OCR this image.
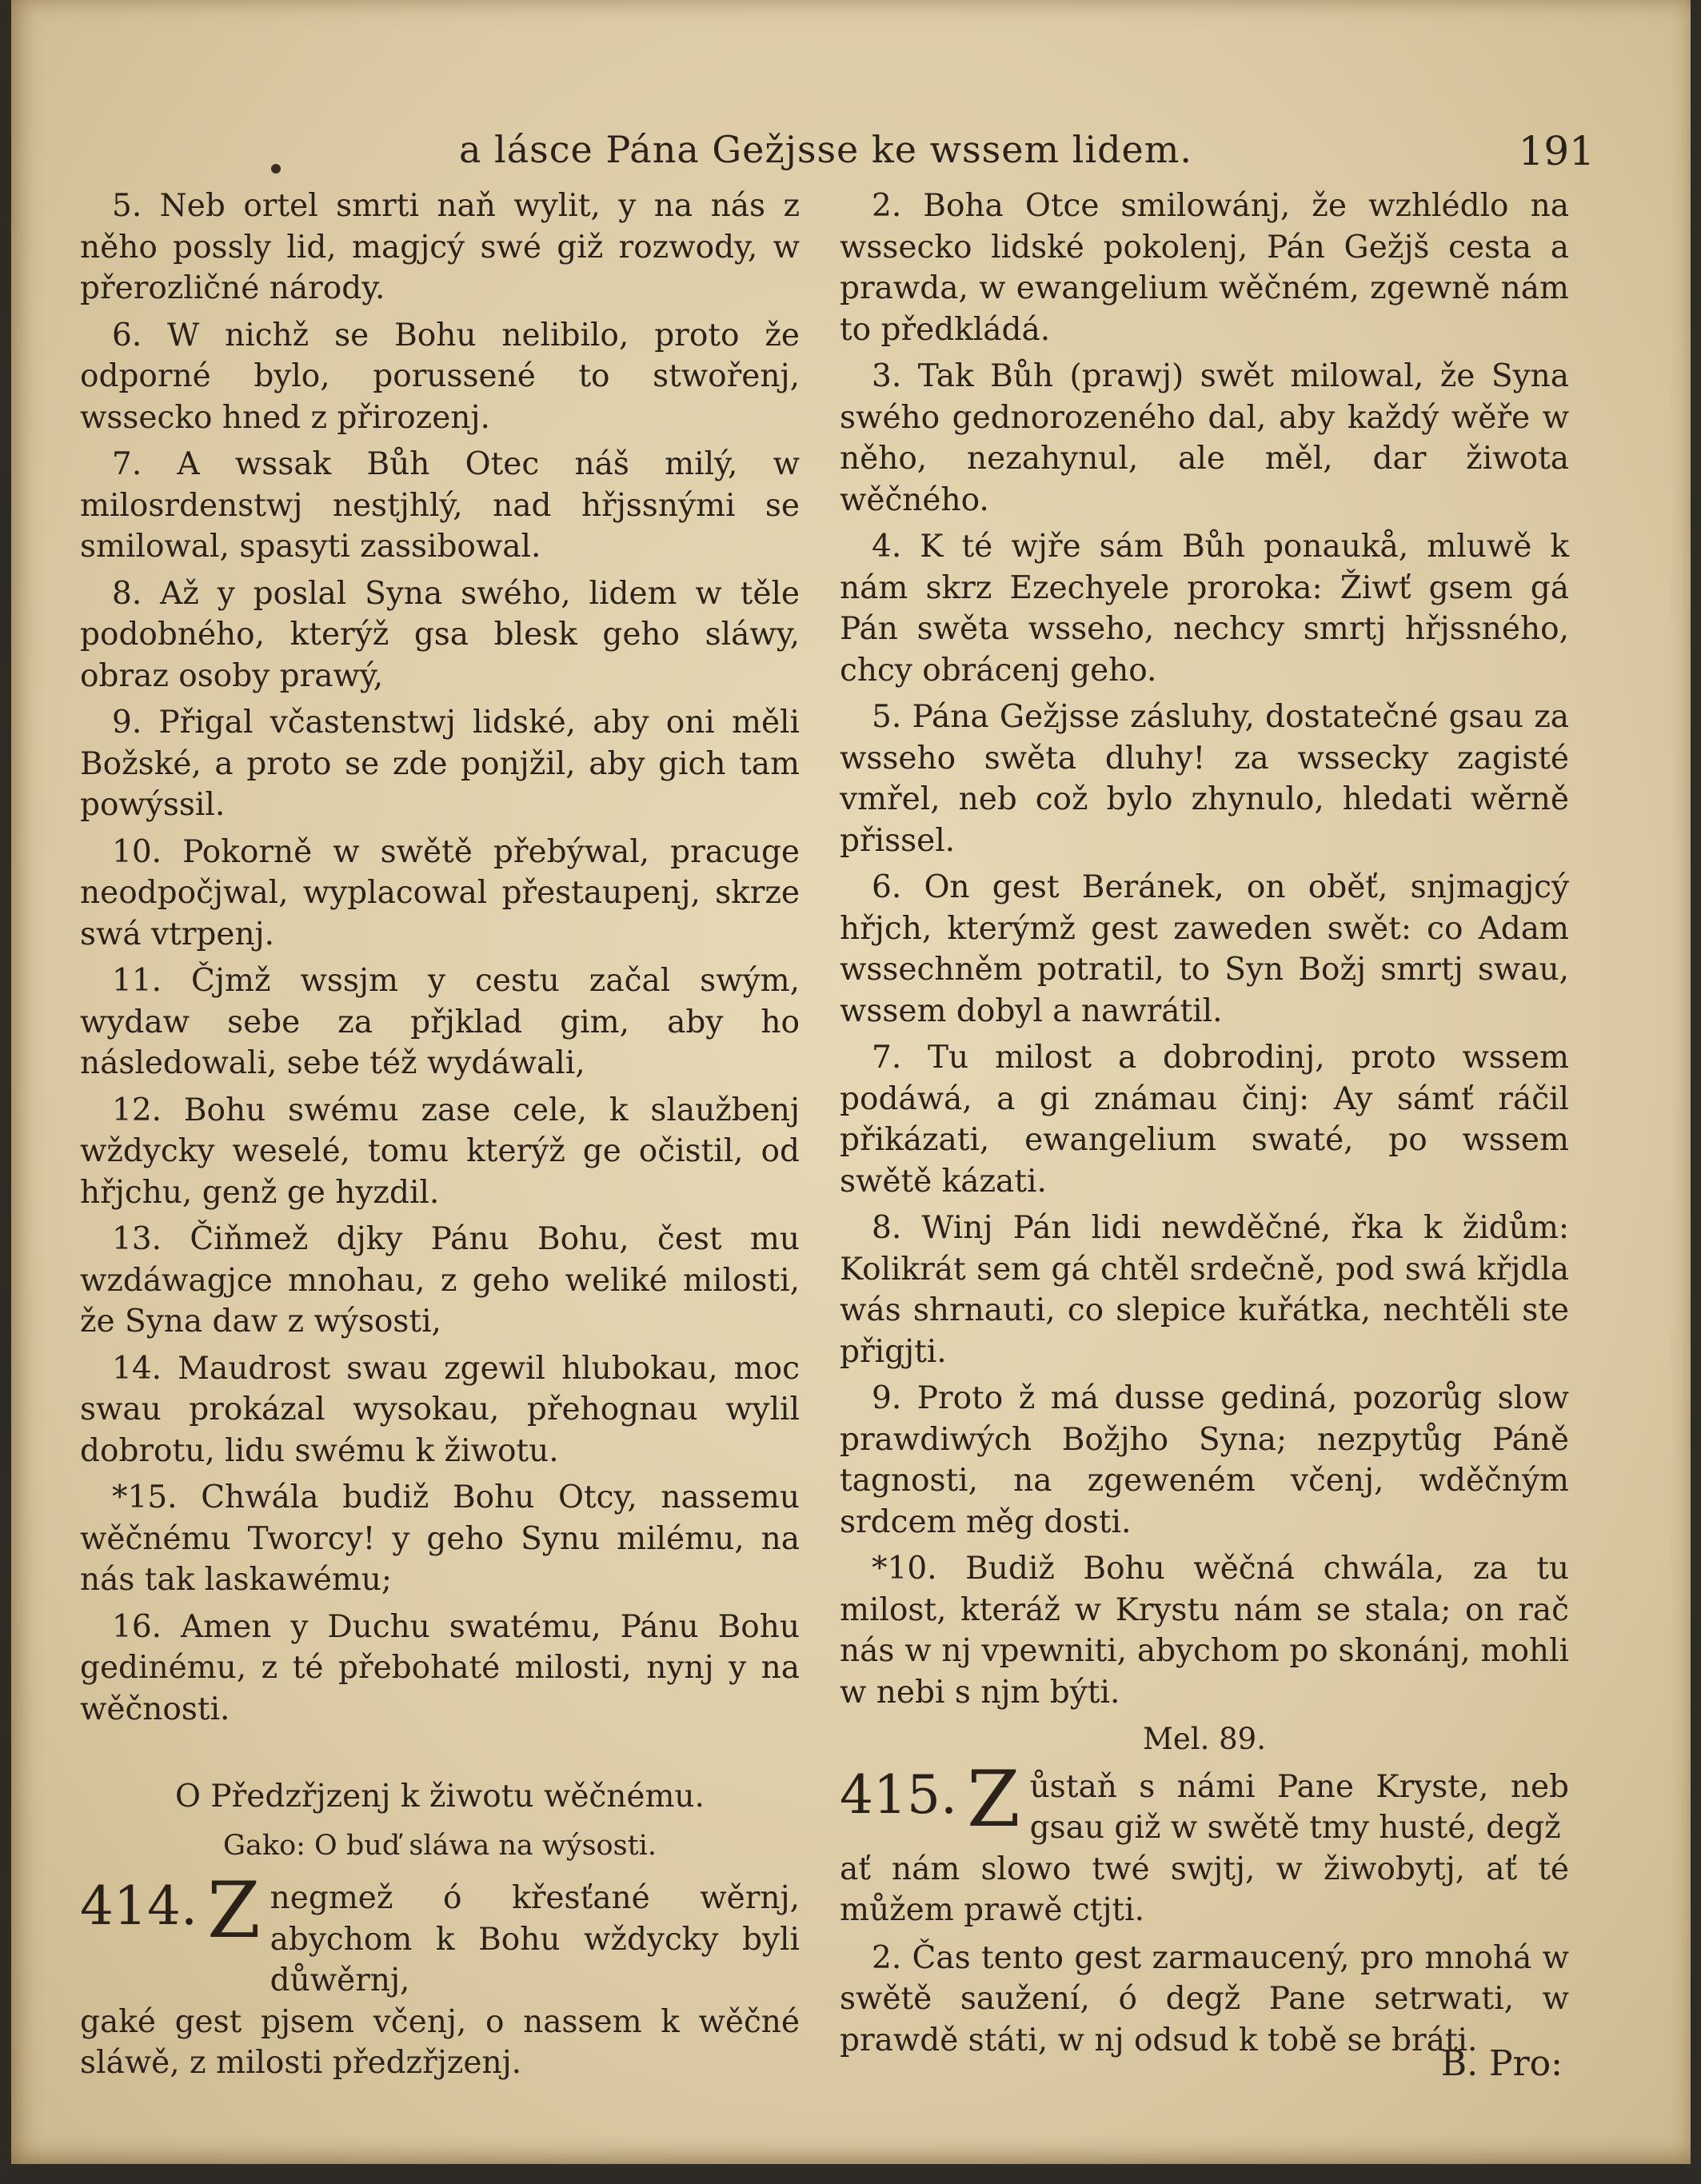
a lásce Pána Gežjsse ke wssem lidem.	191

5. Neb ortel smrti naň wylit, y na nás z něho possly lid, magjcý swé giž rozwody, w přerozličné národy.

6. W nichž se Bohu nelibilo, proto že odporné bylo, porussené to stwořenj, wssecko hned z přirozenj.

7. A wssak Bůh Otec náš milý, w milosrdenstwj nestjhlý, nad hřjssnými se smilowal, spasyti zassibowal.

8. Až y poslal Syna swého, lidem w těle podobného, kterýž gsa blesk geho sláwy, obraz osoby prawý,

9. Přigal včastenstwj lidské, aby oni měli Božské, a proto se zde ponjžil, aby gich tam powýssil.

10. Pokorně w swětě přebýwal, pracuge neodpočjwal, wyplacowal přestaupenj, skrze swá vtrpenj.

11. Čjmž wssjm y cestu začal swým, wydaw sebe za přjklad gim, aby ho následowali, sebe též wydáwali,

12. Bohu swému zase cele, k slaužbenj wždycky weselé, tomu kterýž ge očistil, od hřjchu, genž ge hyzdil.

13. Čiňmež djky Pánu Bohu, čest mu wzdáwagjce mnohau, z geho weliké milosti, že Syna daw z wýsosti,

14. Maudrost swau zgewil hlubokau, moc swau prokázal wysokau, přehognau wylil dobrotu, lidu swému k žiwotu.

*15. Chwála budiž Bohu Otcy, nassemu wěčnému Tworcy! y geho Synu milému, na nás tak laskawému;

16. Amen y Duchu swatému, Pánu Bohu gedinému, z té přebohaté milosti, nynj y na wěčnosti.

O Předzřjzenj k žiwotu wěčnému.
Gako: O buď sláwa na wýsosti.
414. Z negmež ó křesťané wěrnj, abychom k Bohu wždycky byli důwěrnj,

gaké gest pjsem včenj, o nassem k wěčné sláwě, z milosti předzřjzenj.

2. Boha Otce smilowánj, že wzhlédlo na wssecko lidské pokolenj, Pán Gežjš cesta a prawda, w ewangelium wěčném, zgewně nám to předkládá.

3. Tak Bůh (prawj) swět milowal, že Syna swého gednorozeného dal, aby každý wěře w něho, nezahynul, ale měl, dar žiwota wěčného.

4. K té wjře sám Bůh ponaukå, mluwě k nám skrz Ezechyele proroka: Žiwť gsem gá Pán swěta wsseho, nechcy smrtj hřjssného, chcy obrácenj geho.

5. Pána Gežjsse zásluhy, dostatečné gsau za wsseho swěta dluhy! za wssecky zagisté vmřel, neb což bylo zhynulo, hledati wěrně přissel.

6. On gest Beránek, on oběť, snjmagjcý hřjch, kterýmž gest zaweden swět: co Adam wssechněm potratil, to Syn Božj smrtj swau, wssem dobyl a nawrátil.

7. Tu milost a dobrodinj, proto wssem podáwá, a gi známau činj: Ay sámť ráčil přikázati, ewangelium swaté, po wssem swětě kázati.

8. Winj Pán lidi newděčné, řka k židům: Kolikrát sem gá chtěl srdečně, pod swá křjdla wás shrnauti, co slepice kuřátka, nechtěli ste přigjti.

9. Proto ž má dusse gediná, pozorůg slow prawdiwých Božjho Syna; nezpytůg Páně tagnosti, na zgeweném včenj, wděčným srdcem měg dosti.

*10. Budiž Bohu wěčná chwála, za tu milost, kteráž w Krystu nám se stala; on rač nás w nj vpewniti, abychom po skonánj, mohli w nebi s njm býti.

Mel. 89.
415. Z ůstaň s námi Pane Kryste, neb gsau giž w swětě tmy husté, degž

ať nám slowo twé swjtj, w žiwobytj, ať té můžem prawě ctjti.

2. Čas tento gest zarmaucený, pro mnohá w swětě saužení, ó degž Pane setrwati, w prawdě státi, w nj odsud k tobě se bráti.

B. Pro:
